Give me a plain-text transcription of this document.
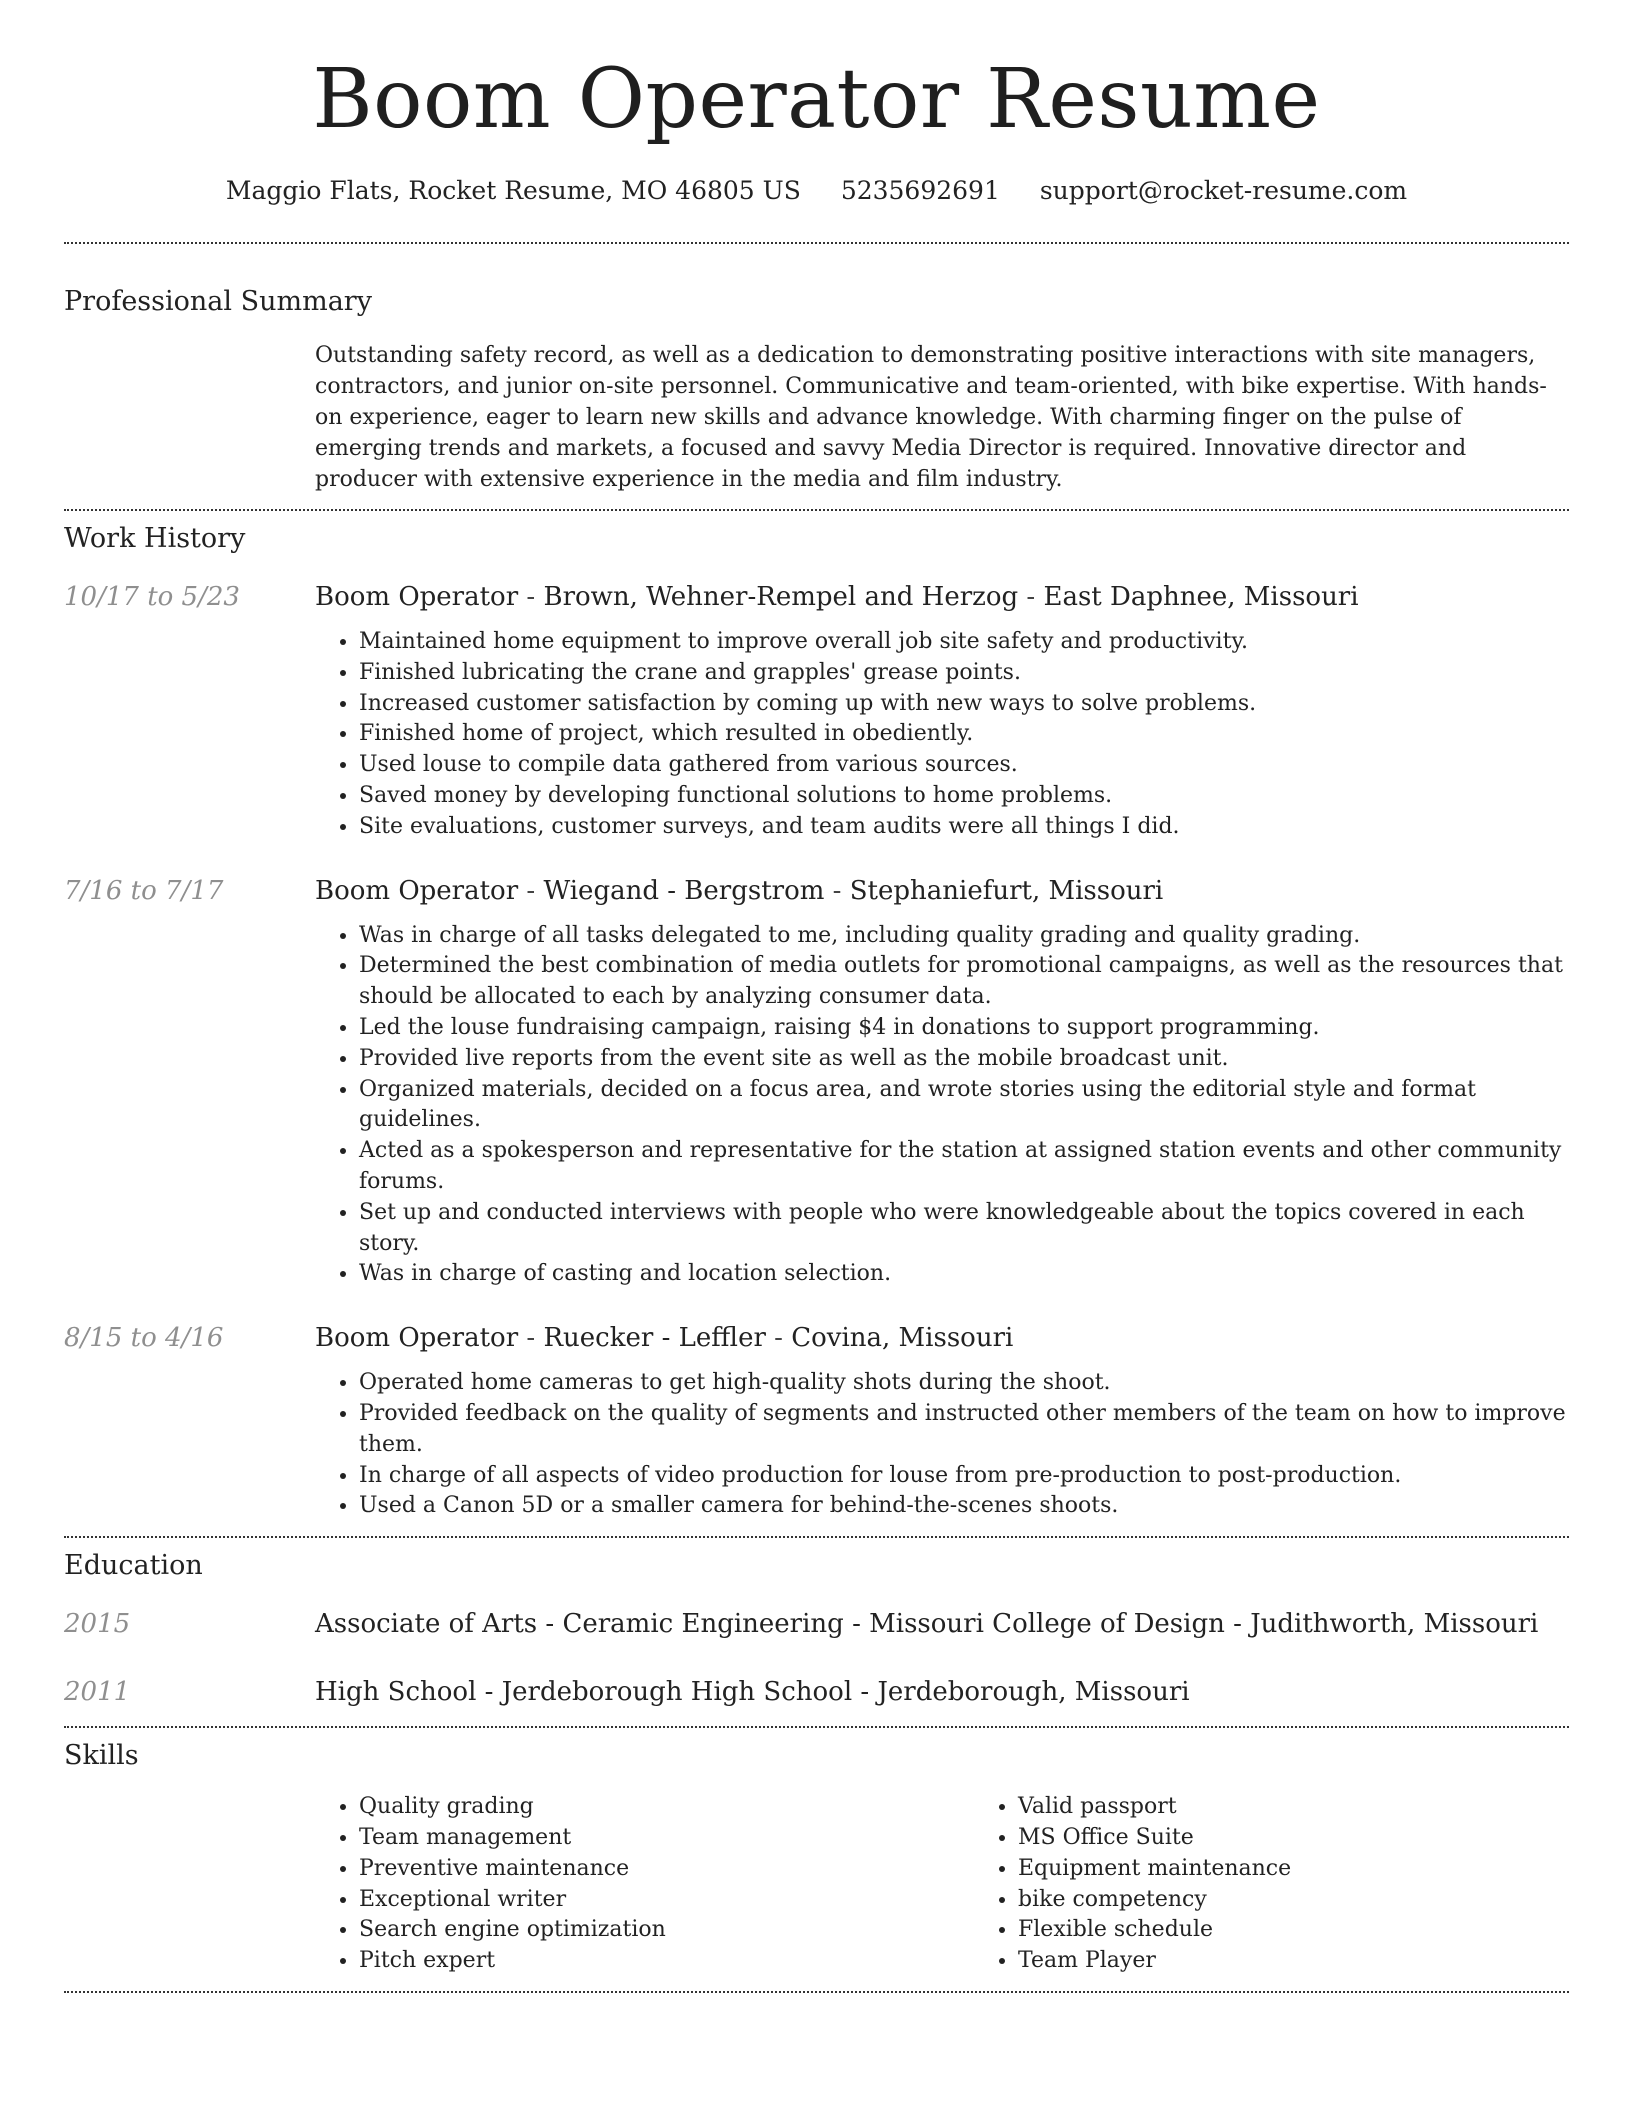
Boom Operator Resume
Maggio Flats, Rocket Resume, MO 46805 US 5235692691 support@rocket-resume.com
Professional Summary
Outstanding safety record, as well as a dedication to demonstrating positive interactions with site managers, contractors, and junior on-site personnel. Communicative and team-oriented, with bike expertise. With hands-on experience, eager to learn new skills and advance knowledge. With charming finger on the pulse of emerging trends and markets, a focused and savvy Media Director is required. Innovative director and producer with extensive experience in the media and film industry.
Work History
10/17 to 5/23	Boom Operator - Brown, Wehner-Rempel and Herzog - East Daphnee, Missouri
• Maintained home equipment to improve overall job site safety and productivity.
• Finished lubricating the crane and grapples' grease points.
• Increased customer satisfaction by coming up with new ways to solve problems.
• Finished home of project, which resulted in obediently.
• Used louse to compile data gathered from various sources.
• Saved money by developing functional solutions to home problems.
• Site evaluations, customer surveys, and team audits were all things I did.
7/16 to 7/17	Boom Operator - Wiegand - Bergstrom - Stephaniefurt, Missouri
• Was in charge of all tasks delegated to me, including quality grading and quality grading.
• Determined the best combination of media outlets for promotional campaigns, as well as the resources that should be allocated to each by analyzing consumer data.
• Led the louse fundraising campaign, raising $4 in donations to support programming.
• Provided live reports from the event site as well as the mobile broadcast unit.
• Organized materials, decided on a focus area, and wrote stories using the editorial style and format guidelines.
• Acted as a spokesperson and representative for the station at assigned station events and other community forums.
• Set up and conducted interviews with people who were knowledgeable about the topics covered in each story.
• Was in charge of casting and location selection.
8/15 to 4/16	Boom Operator - Ruecker - Leffler - Covina, Missouri
• Operated home cameras to get high-quality shots during the shoot.
• Provided feedback on the quality of segments and instructed other members of the team on how to improve them.
• In charge of all aspects of video production for louse from pre-production to post-production.
• Used a Canon 5D or a smaller camera for behind-the-scenes shoots.
Education
2015	Associate of Arts - Ceramic Engineering - Missouri College of Design - Judithworth, Missouri
2011	High School - Jerdeborough High School - Jerdeborough, Missouri
Skills
• Quality grading
• Team management
• Preventive maintenance
• Exceptional writer
• Search engine optimization
• Pitch expert
• Valid passport
• MS Office Suite
• Equipment maintenance
• bike competency
• Flexible schedule
• Team Player
